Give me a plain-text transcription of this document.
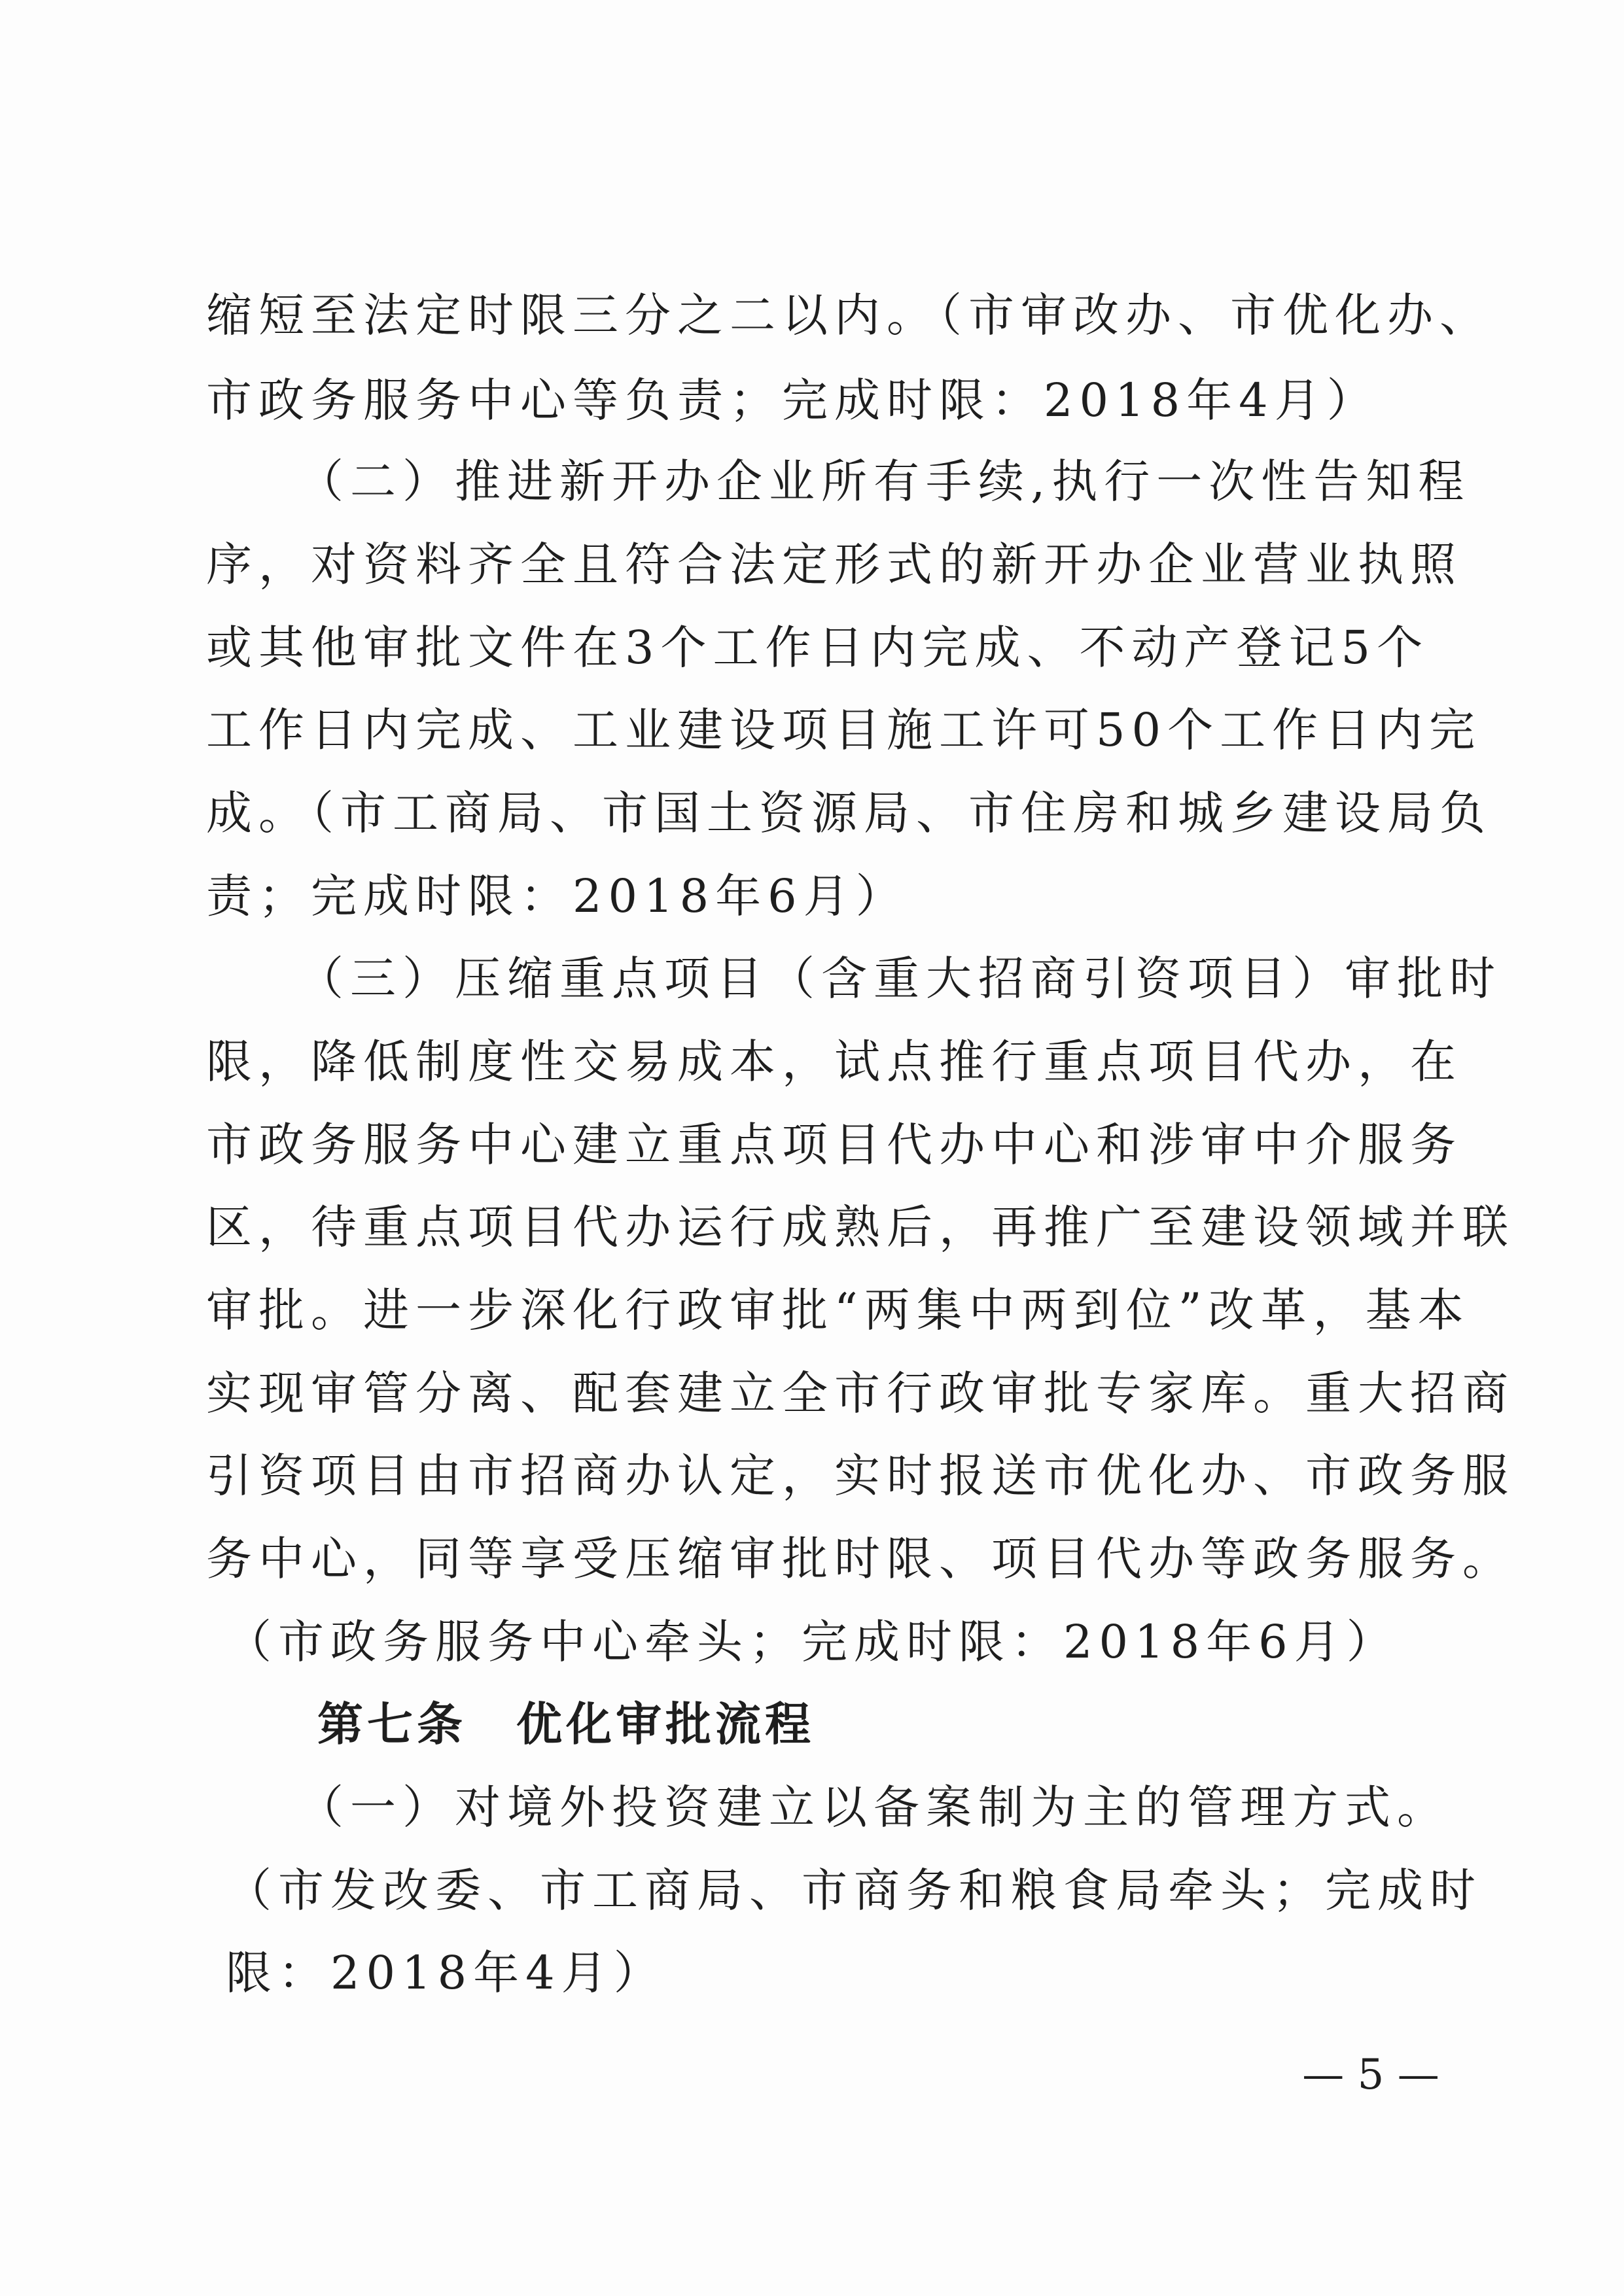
缩短至法定时限三分之二以内。（市审改办、市优化办、
市政务服务中心等负责；完成时限：2018年4月）
（二）推进新开办企业所有手续,执行一次性告知程
序，对资料齐全且符合法定形式的新开办企业营业执照
或其他审批文件在3个工作日内完成、不动产登记5个
工作日内完成、工业建设项目施工许可50个工作日内完
成。（市工商局、市国土资源局、市住房和城乡建设局负
责；完成时限：2018年6月）
（三）压缩重点项目（含重大招商引资项目）审批时
限，降低制度性交易成本，试点推行重点项目代办，在
市政务服务中心建立重点项目代办中心和涉审中介服务
区，待重点项目代办运行成熟后，再推广至建设领域并联
审批。进一步深化行政审批“两集中两到位”改革，基本
实现审管分离、配套建立全市行政审批专家库。重大招商
引资项目由市招商办认定，实时报送市优化办、市政务服
务中心，同等享受压缩审批时限、项目代办等政务服务。
（市政务服务中心牵头；完成时限：2018年6月）
第七条　优化审批流程
（一）对境外投资建立以备案制为主的管理方式。
（市发改委、市工商局、市商务和粮食局牵头；完成时
限：2018年4月）
— 5 —
